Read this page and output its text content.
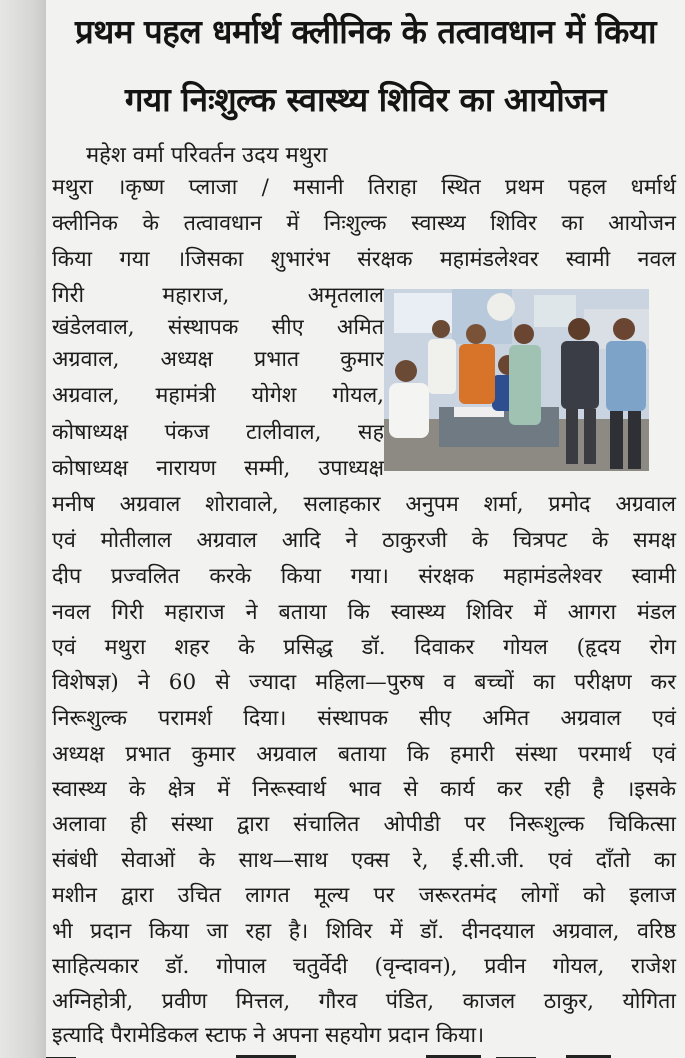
प्रथम पहल धर्मार्थ क्लीनिक के तत्वावधान में किया
गया निःशुल्क स्वास्थ्य शिविर का आयोजन
महेश वर्मा परिवर्तन उदय मथुरा
मथुरा ।कृष्ण प्लाजा / मसानी तिराहा स्थित प्रथम पहल धर्मार्थ
क्लीनिक के तत्वावधान में निःशुल्क स्वास्थ्य शिविर का आयोजन
किया गया ।जिसका शुभारंभ संरक्षक महामंडलेश्वर स्वामी नवल
गिरी महाराज, अमृतलाल
खंडेलवाल, संस्थापक सीए अमित
अग्रवाल, अध्यक्ष प्रभात कुमार
अग्रवाल, महामंत्री योगेश गोयल,
कोषाध्यक्ष पंकज टालीवाल, सह
कोषाध्यक्ष नारायण सम्मी, उपाध्यक्ष
मनीष अग्रवाल शोरावाले, सलाहकार अनुपम शर्मा, प्रमोद अग्रवाल
एवं मोतीलाल अग्रवाल आदि ने ठाकुरजी के चित्रपट के समक्ष
दीप प्रज्वलित करके किया गया। संरक्षक महामंडलेश्वर स्वामी
नवल गिरी महाराज ने बताया कि स्वास्थ्य शिविर में आगरा मंडल
एवं मथुरा शहर के प्रसिद्ध डॉ. दिवाकर गोयल (हृदय रोग
विशेषज्ञ) ने 60 से ज्यादा महिला—पुरुष व बच्चों का परीक्षण कर
निरूशुल्क परामर्श दिया। संस्थापक सीए अमित अग्रवाल एवं
अध्यक्ष प्रभात कुमार अग्रवाल बताया कि हमारी संस्था परमार्थ एवं
स्वास्थ्य के क्षेत्र में निरूस्वार्थ भाव से कार्य कर रही है ।इसके
अलावा ही संस्था द्वारा संचालित ओपीडी पर निरूशुल्क चिकित्सा
संबंधी सेवाओं के साथ—साथ एक्स रे, ई.सी.जी. एवं दाँतो का
मशीन द्वारा उचित लागत मूल्य पर जरूरतमंद लोगों को इलाज
भी प्रदान किया जा रहा है। शिविर में डॉ. दीनदयाल अग्रवाल, वरिष्ठ
साहित्यकार डॉ. गोपाल चतुर्वेदी (वृन्दावन), प्रवीन गोयल, राजेश
अग्निहोत्री, प्रवीण मित्तल, गौरव पंडित, काजल ठाकुर, योगिता
इत्यादि पैरामेडिकल स्टाफ ने अपना सहयोग प्रदान किया।
